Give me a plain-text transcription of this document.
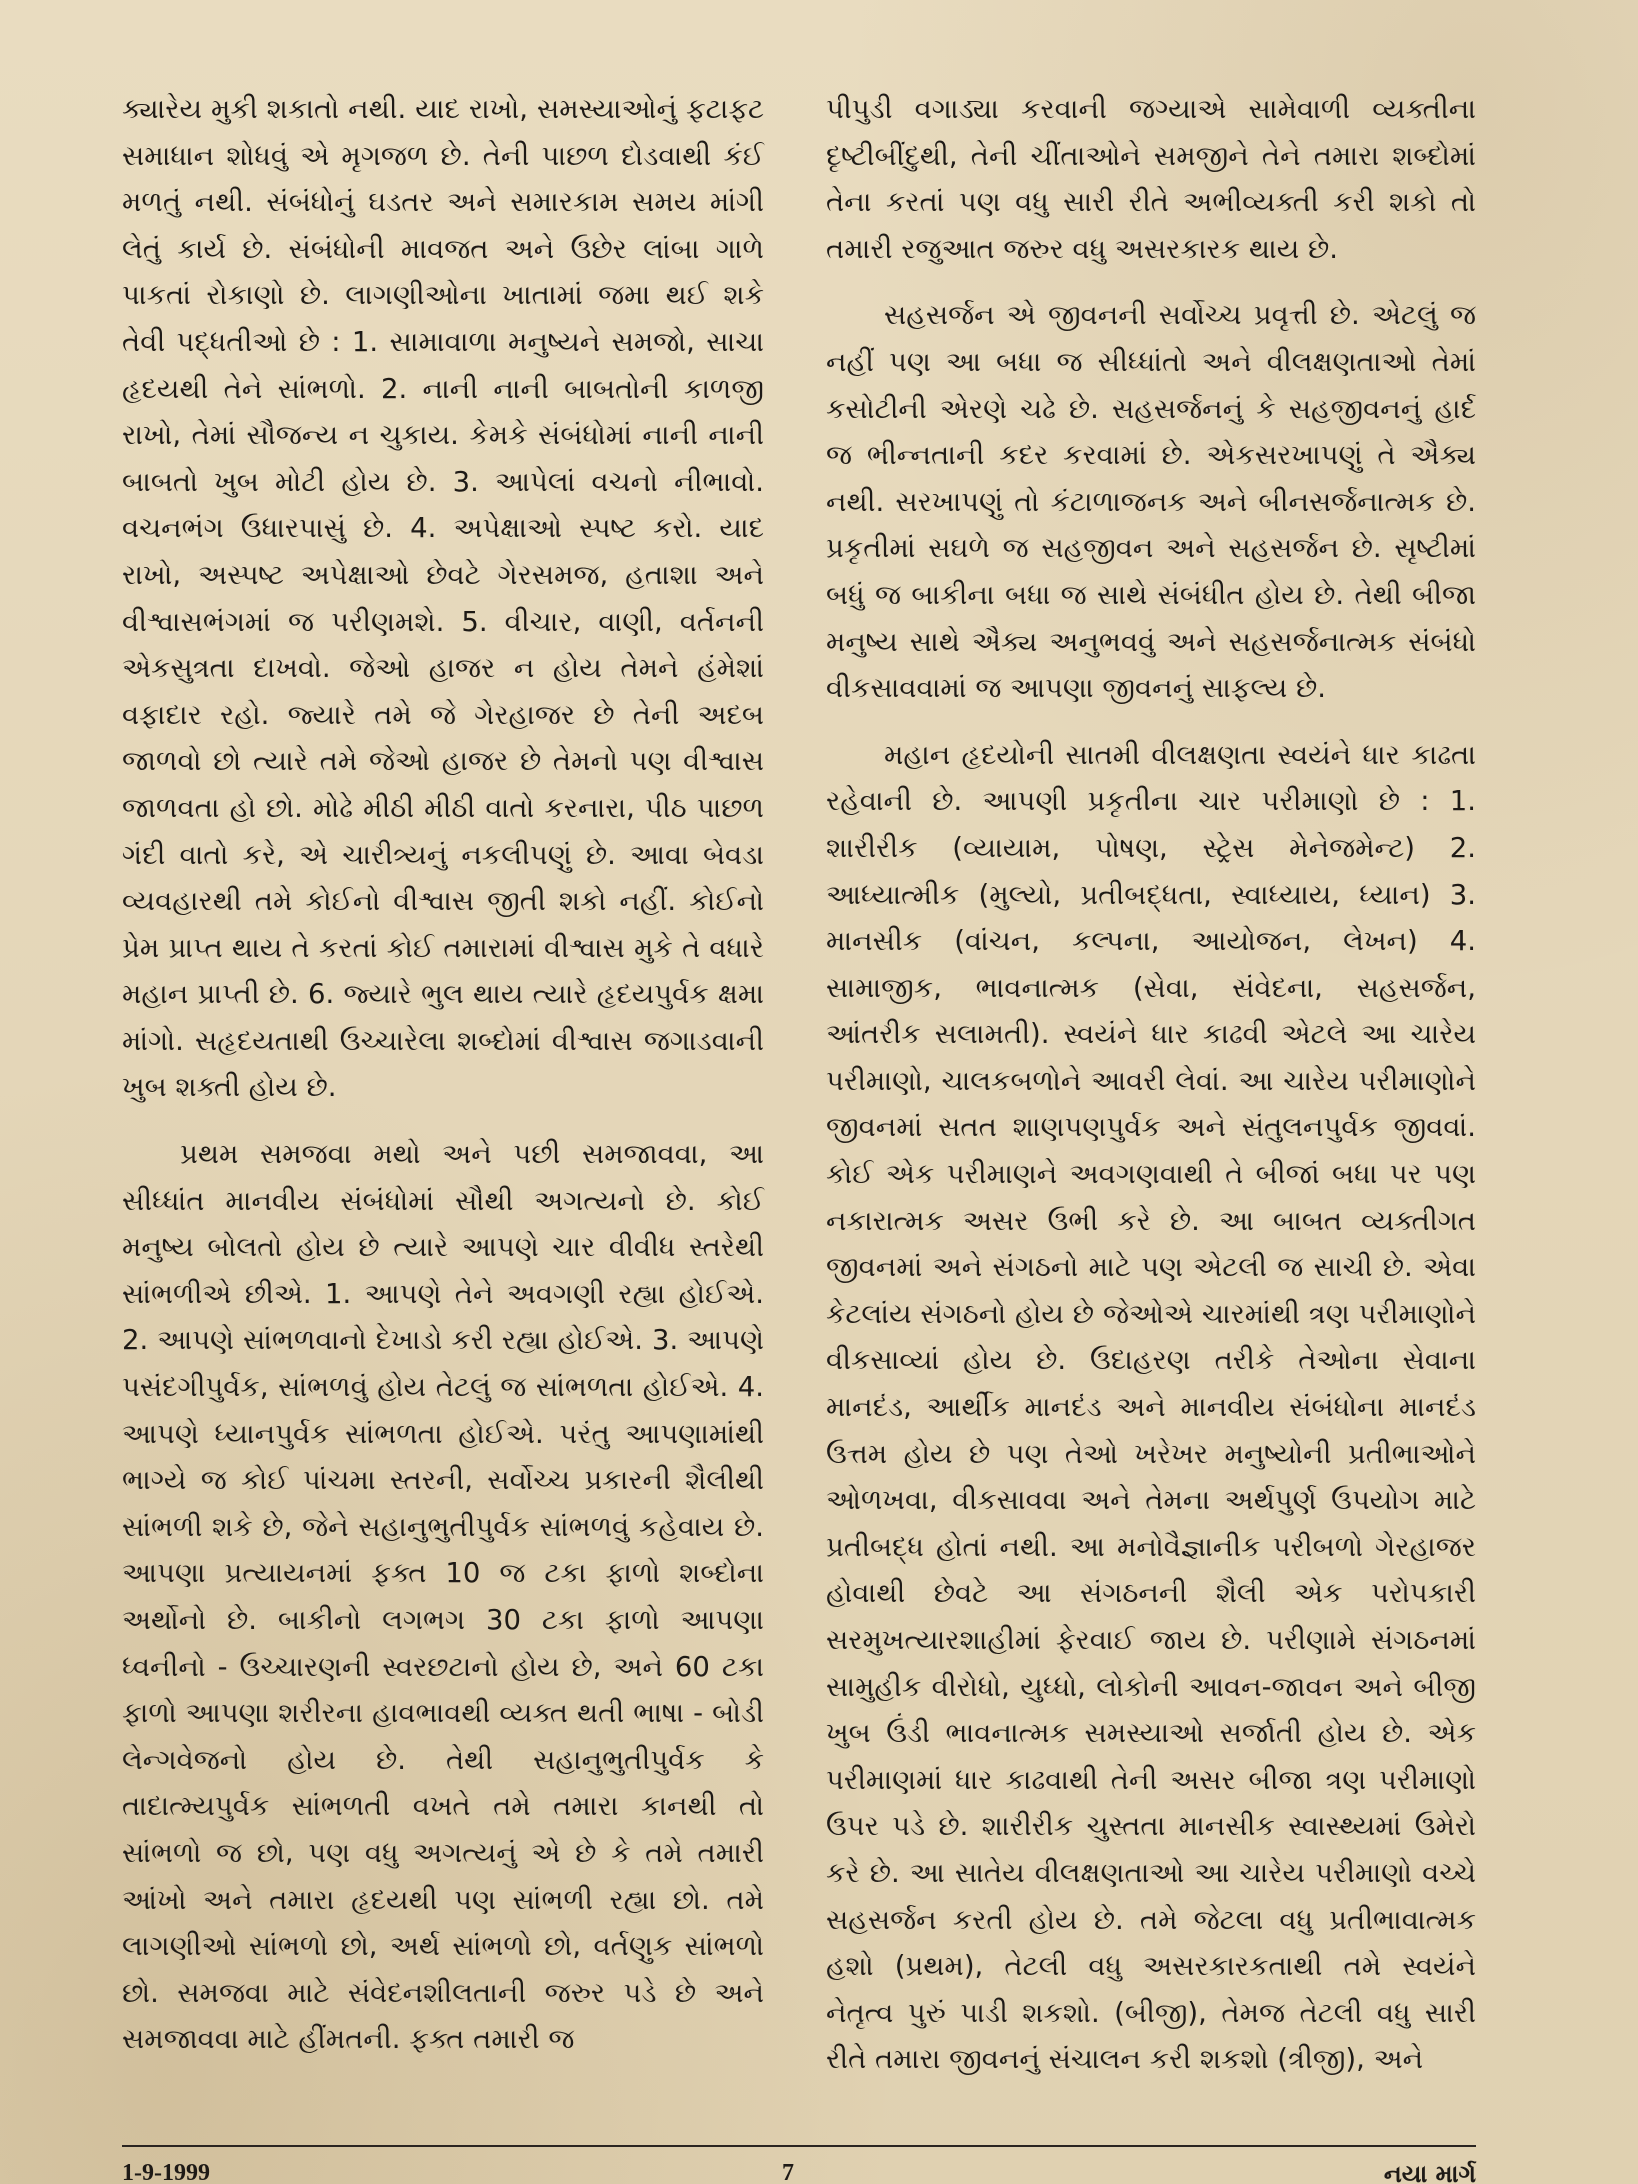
ક્યારેય મુકી શકાતો નથી. યાદ રાખો, સમસ્યાઓનું ફટાફટ સમાધાન શોધવું એ મૃગજળ છે. તેની પાછળ દોડવાથી કંઈ મળતું નથી. સંબંધોનું ઘડતર અને સમારકામ સમય માંગી લેતું કાર્ય છે. સંબંધોની માવજત અને ઉછેર લાંબા ગાળે પાકતાં રોકાણો છે. લાગણીઓના ખાતામાં જમા થઈ શકે તેવી પદ્ધતીઓ છે : 1. સામાવાળા મનુષ્યને સમજો, સાચા હૃદયથી તેને સાંભળો. 2. નાની નાની બાબતોની કાળજી રાખો, તેમાં સૌજન્ય ન ચુકાય. કેમકે સંબંધોમાં નાની નાની બાબતો ખુબ મોટી હોય છે. 3. આપેલાં વચનો નીભાવો. વચનભંગ ઉધારપાસું છે. 4. અપેક્ષાઓ સ્પષ્ટ કરો. યાદ રાખો, અસ્પષ્ટ અપેક્ષાઓ છેવટે ગેરસમજ, હતાશા અને વીશ્વાસભંગમાં જ પરીણમશે. 5. વીચાર, વાણી, વર્તનની એકસુત્રતા દાખવો. જેઓ હાજર ન હોય તેમને હંમેશાં વફાદાર રહો. જ્યારે તમે જે ગેરહાજર છે તેની અદબ જાળવો છો ત્યારે તમે જેઓ હાજર છે તેમનો પણ વીશ્વાસ જાળવતા હો છો. મોઢે મીઠી મીઠી વાતો કરનારા, પીઠ પાછળ ગંદી વાતો કરે, એ ચારીત્ર્યનું નકલીપણું છે. આવા બેવડા વ્યવહારથી તમે કોઈનો વીશ્વાસ જીતી શકો નહીં. કોઈનો પ્રેમ પ્રાપ્ત થાય તે કરતાં કોઈ તમારામાં વીશ્વાસ મુકે તે વધારે મહાન પ્રાપ્તી છે. 6. જ્યારે ભુલ થાય ત્યારે હૃદયપુર્વક ક્ષમા માંગો. સહૃદયતાથી ઉચ્ચારેલા શબ્દોમાં વીશ્વાસ જગાડવાની ખુબ શક્તી હોય છે.

પ્રથમ સમજવા મથો અને પછી સમજાવવા, આ સીધ્ધાંત માનવીય સંબંધોમાં સૌથી અગત્યનો છે. કોઈ મનુષ્ય બોલતો હોય છે ત્યારે આપણે ચાર વીવીધ સ્તરેથી સાંભળીએ છીએ. 1. આપણે તેને અવગણી રહ્યા હોઈએ. 2. આપણે સાંભળવાનો દેખાડો કરી રહ્યા હોઈએ. 3. આપણે પસંદગીપુર્વક, સાંભળવું હોય તેટલું જ સાંભળતા હોઈએ. 4. આપણે ધ્યાનપુર્વક સાંભળતા હોઈએ. પરંતુ આપણામાંથી ભાગ્યે જ કોઈ પાંચમા સ્તરની, સર્વોચ્ચ પ્રકારની શૈલીથી સાંભળી શકે છે, જેને સહાનુભુતીપુર્વક સાંભળવું કહેવાય છે. આપણા પ્રત્યાયનમાં ફક્ત 10 જ ટકા ફાળો શબ્દોના અર્થોનો છે. બાકીનો લગભગ 30 ટકા ફાળો આપણા ધ્વનીનો - ઉચ્ચારણની સ્વરછટાનો હોય છે, અને 60 ટકા ફાળો આપણા શરીરના હાવભાવથી વ્યક્ત થતી ભાષા - બોડી લેન્ગવેજનો હોય છે. તેથી સહાનુભુતીપુર્વક કે તાદાત્મ્યપુર્વક સાંભળતી વખતે તમે તમારા કાનથી તો સાંભળો જ છો, પણ વધુ અગત્યનું એ છે કે તમે તમારી આંખો અને તમારા હૃદયથી પણ સાંભળી રહ્યા છો. તમે લાગણીઓ સાંભળો છો, અર્થ સાંભળો છો, વર્તણુક સાંભળો છો. સમજવા માટે સંવેદનશીલતાની જરુર પડે છે અને સમજાવવા માટે હીંમતની. ફક્ત તમારી જ

પીપુડી વગાડ્યા કરવાની જગ્યાએ સામેવાળી વ્યક્તીના દૃષ્ટીબીંદુથી, તેની ચીંતાઓને સમજીને તેને તમારા શબ્દોમાં તેના કરતાં પણ વધુ સારી રીતે અભીવ્યક્તી કરી શકો તો તમારી રજુઆત જરુર વધુ અસરકારક થાય છે.

સહસર્જન એ જીવનની સર્વોચ્ચ પ્રવૃત્તી છે. એટલું જ નહીં પણ આ બધા જ સીધ્ધાંતો અને વીલક્ષણતાઓ તેમાં કસોટીની એરણે ચઢે છે. સહસર્જનનું કે સહજીવનનું હાર્દ જ ભીન્નતાની કદર કરવામાં છે. એકસરખાપણું તે ઐક્ય નથી. સરખાપણું તો કંટાળાજનક અને બીનસર્જનાત્મક છે. પ્રકૃતીમાં સઘળે જ સહજીવન અને સહસર્જન છે. સૃષ્ટીમાં બધું જ બાકીના બધા જ સાથે સંબંધીત હોય છે. તેથી બીજા મનુષ્ય સાથે ઐક્ય અનુભવવું અને સહસર્જનાત્મક સંબંધો વીકસાવવામાં જ આપણા જીવનનું સાફલ્ય છે.

મહાન હૃદયોની સાતમી વીલક્ષણતા સ્વયંને ધાર કાઢતા રહેવાની છે. આપણી પ્રકૃતીના ચાર પરીમાણો છે : 1. શારીરીક (વ્યાયામ, પોષણ, સ્ટ્રેસ મેનેજમેન્ટ) 2. આધ્યાત્મીક (મુલ્યો, પ્રતીબદ્ધતા, સ્વાધ્યાય, ધ્યાન) 3. માનસીક (વાંચન, કલ્પના, આયોજન, લેખન) 4. સામાજીક, ભાવનાત્મક (સેવા, સંવેદના, સહસર્જન, આંતરીક સલામતી). સ્વયંને ધાર કાઢવી એટલે આ ચારેય પરીમાણો, ચાલકબળોને આવરી લેવાં. આ ચારેય પરીમાણોને જીવનમાં સતત શાણપણપુર્વક અને સંતુલનપુર્વક જીવવાં. કોઈ એક પરીમાણને અવગણવાથી તે બીજાં બધા પર પણ નકારાત્મક અસર ઉભી કરે છે. આ બાબત વ્યક્તીગત જીવનમાં અને સંગઠનો માટે પણ એટલી જ સાચી છે. એવા કેટલાંય સંગઠનો હોય છે જેઓએ ચારમાંથી ત્રણ પરીમાણોને વીકસાવ્યાં હોય છે. ઉદાહરણ તરીકે તેઓના સેવાના માનદંડ, આર્થીક માનદંડ અને માનવીય સંબંધોના માનદંડ ઉત્તમ હોય છે પણ તેઓ ખરેખર મનુષ્યોની પ્રતીભાઓને ઓળખવા, વીકસાવવા અને તેમના અર્થપુર્ણ ઉપયોગ માટે પ્રતીબદ્ધ હોતાં નથી. આ મનોવૈજ્ઞાનીક પરીબળો ગેરહાજર હોવાથી છેવટે આ સંગઠનની શૈલી એક પરોપકારી સરમુખત્યારશાહીમાં ફેરવાઈ જાય છે. પરીણામે સંગઠનમાં સામુહીક વીરોધો, યુધ્ધો, લોકોની આવન-જાવન અને બીજી ખુબ ઉંડી ભાવનાત્મક સમસ્યાઓ સર્જાતી હોય છે. એક પરીમાણમાં ધાર કાઢવાથી તેની અસર બીજા ત્રણ પરીમાણો ઉપર પડે છે. શારીરીક ચુસ્તતા માનસીક સ્વાસ્થ્યમાં ઉમેરો કરે છે. આ સાતેય વીલક્ષણતાઓ આ ચારેય પરીમાણો વચ્ચે સહસર્જન કરતી હોય છે. તમે જેટલા વધુ પ્રતીભાવાત્મક હશો (પ્રથમ), તેટલી વધુ અસરકારકતાથી તમે સ્વયંને નેતૃત્વ પુરું પાડી શકશો. (બીજી), તેમજ તેટલી વધુ સારી રીતે તમારા જીવનનું સંચાલન કરી શકશો (ત્રીજી), અને

1-9-1999	7	નયા માર્ગ
